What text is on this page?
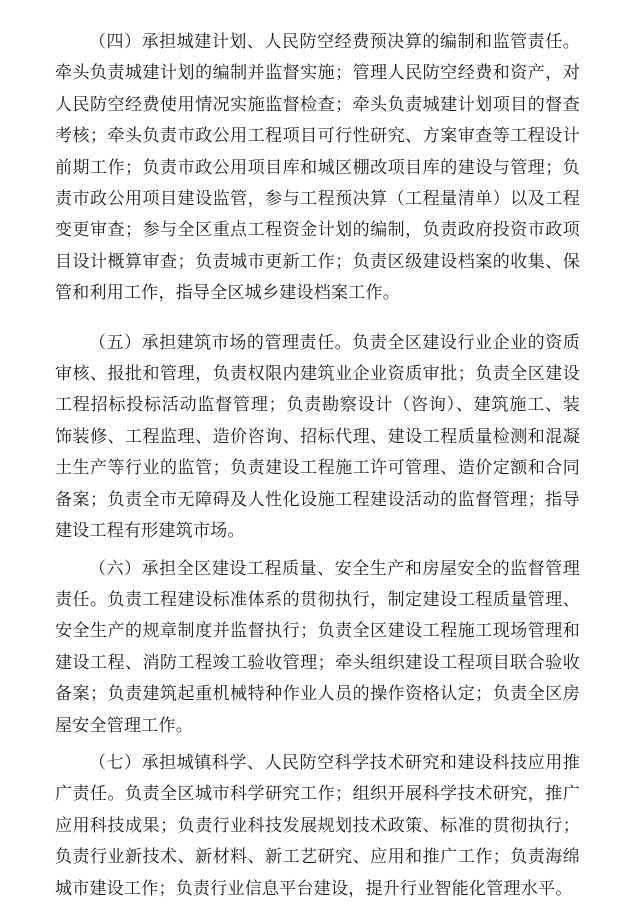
（四）承担城建计划、人民防空经费预决算的编制和监管责任。牵头负责城建计划的编制并监督实施；管理人民防空经费和资产，对人民防空经费使用情况实施监督检查；牵头负责城建计划项目的督查考核；牵头负责市政公用工程项目可行性研究、方案审查等工程设计前期工作；负责市政公用项目库和城区棚改项目库的建设与管理；负责市政公用项目建设监管，参与工程预决算（工程量清单）以及工程变更审查；参与全区重点工程资金计划的编制，负责政府投资市政项目设计概算审查；负责城市更新工作；负责区级建设档案的收集、保管和利用工作，指导全区城乡建设档案工作。

（五）承担建筑市场的管理责任。负责全区建设行业企业的资质审核、报批和管理，负责权限内建筑业企业资质审批；负责全区建设工程招标投标活动监督管理；负责勘察设计（咨询）、建筑施工、装饰装修、工程监理、造价咨询、招标代理、建设工程质量检测和混凝土生产等行业的监管；负责建设工程施工许可管理、造价定额和合同备案；负责全市无障碍及人性化设施工程建设活动的监督管理；指导建设工程有形建筑市场。

（六）承担全区建设工程质量、安全生产和房屋安全的监督管理责任。负责工程建设标准体系的贯彻执行，制定建设工程质量管理、安全生产的规章制度并监督执行；负责全区建设工程施工现场管理和建设工程、消防工程竣工验收管理；牵头组织建设工程项目联合验收备案；负责建筑起重机械特种作业人员的操作资格认定；负责全区房屋安全管理工作。

（七）承担城镇科学、人民防空科学技术研究和建设科技应用推广责任。负责全区城市科学研究工作；组织开展科学技术研究，推广应用科技成果；负责行业科技发展规划技术政策、标准的贯彻执行；负责行业新技术、新材料、新工艺研究、应用和推广工作；负责海绵城市建设工作；负责行业信息平台建设，提升行业智能化管理水平。
